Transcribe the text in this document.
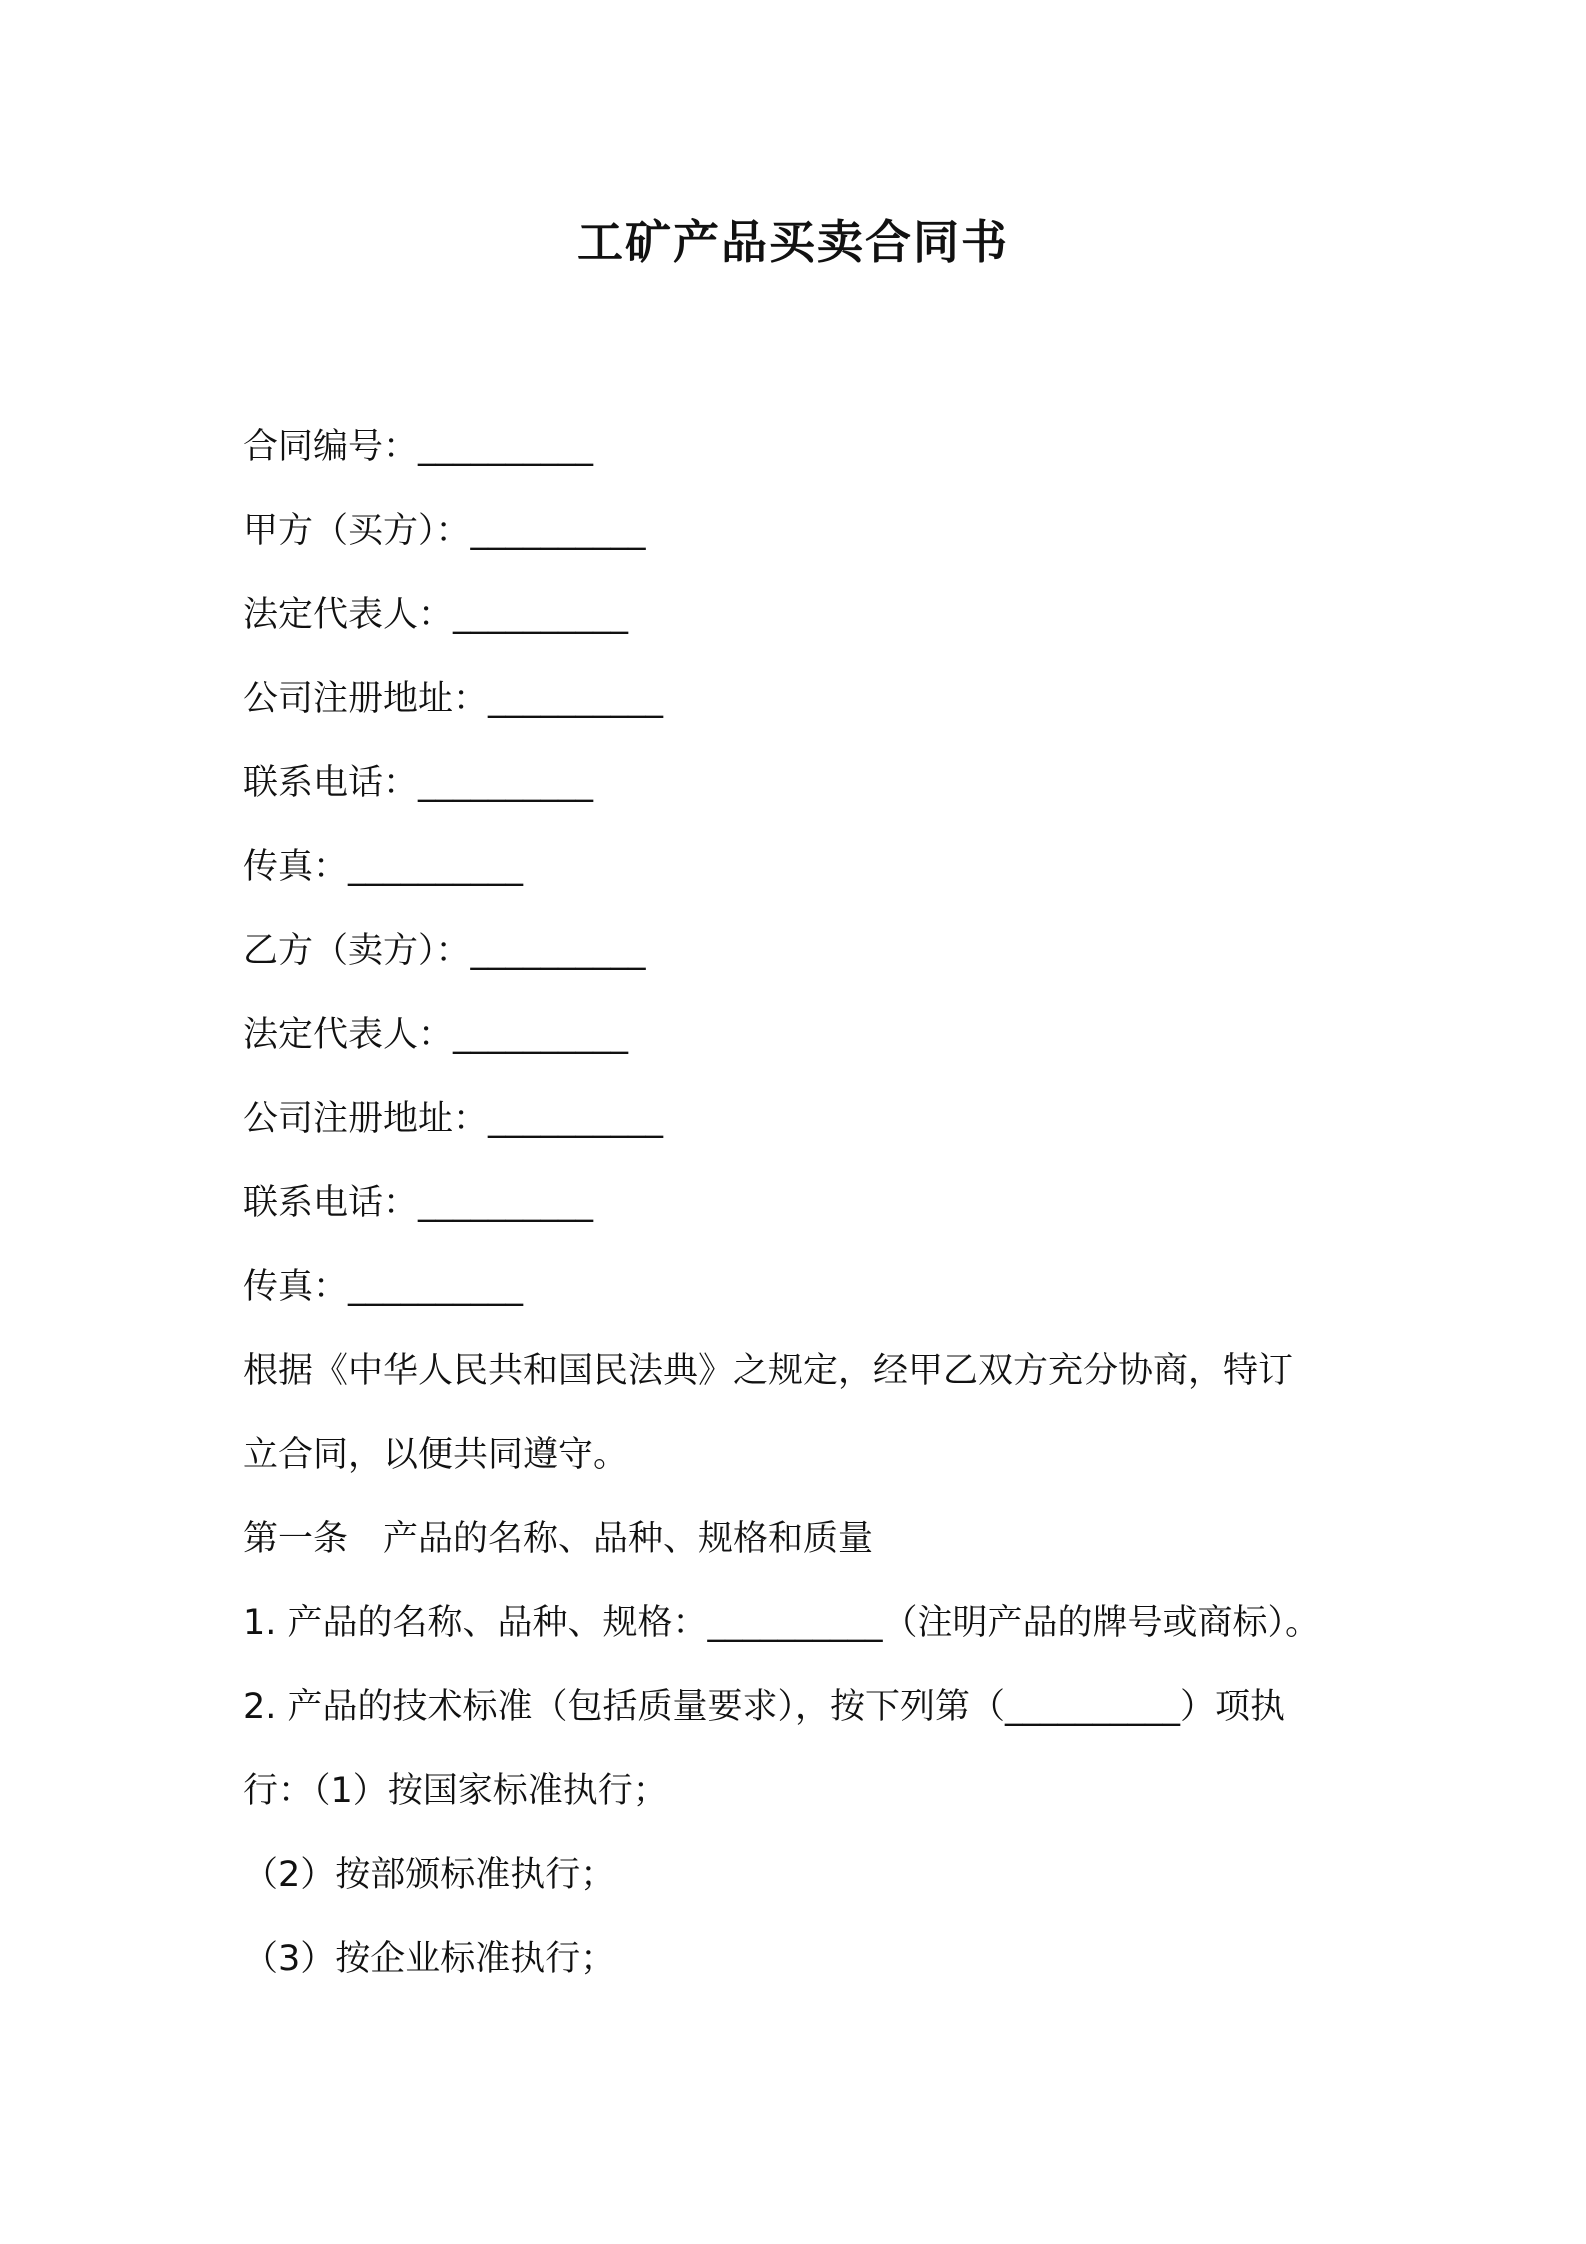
工矿产品买卖合同书
合同编号：__________
甲方（买方）：__________
法定代表人：__________
公司注册地址：__________
联系电话：__________
传真：__________
乙方（卖方）：__________
法定代表人：__________
公司注册地址：__________
联系电话：__________
传真：__________
根据《中华人民共和国民法典》之规定，经甲乙双方充分协商，特订
立合同，以便共同遵守。
第一条　产品的名称、品种、规格和质量
1. 产品的名称、品种、规格：__________（注明产品的牌号或商标）。
2. 产品的技术标准（包括质量要求），按下列第（__________）项执
行：（1）按国家标准执行；
（2）按部颁标准执行；
（3）按企业标准执行；
